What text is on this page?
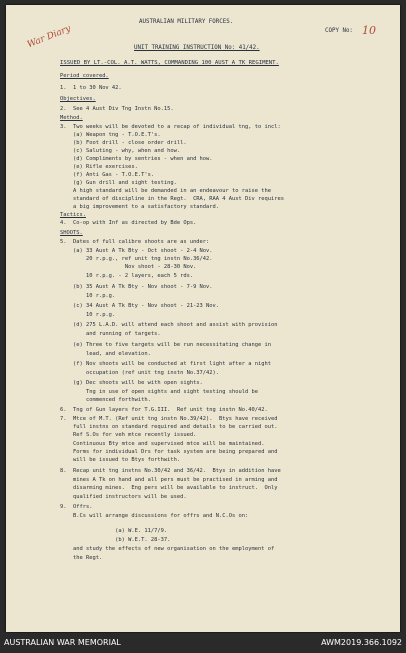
AUSTRALIAN MILITARY FORCES.
COPY No: 10
War Diary	UNIT TRAINING INSTRUCTION No: 41/42.
ISSUED BY LT.-COL. A.T. WATTS, COMMANDING 100 AUST A TK REGIMENT.
Period covered.
1.  1 to 30 Nov 42.
Objectives.
2.  See 4 Aust Div Tng Instn No.15.
Method.
3.  Two weeks will be devoted to a recap of individual tng, to incl:
(a) Weapon tng - T.O.E.T's.
(b) Foot drill - close order drill.
(c) Saluting - why, when and how.
(d) Compliments by sentries - when and how.
(e) Rifle exercises.
(f) Anti Gas - T.O.E.T's.
(g) Gun drill and sight testing.
A high standard will be demanded in an endeavour to raise the
standard of discipline in the Regt.  CRA, RAA 4 Aust Div requires
a big improvement to a satisfactory standard.
Tactics.
4.  Co-op with Inf as directed by Bde Ops.
SHOOTS.
5.  Dates of full calibre shoots are as under:
(a) 33 Aust A Tk Bty - Oct shoot - 2-4 Nov.
20 r.p.g., ref unit tng instn No.36/42.
Nov shoot - 28-30 Nov.
10 r.p.g. - 2 layers, each 5 rds.
(b) 35 Aust A Tk Bty - Nov shoot - 7-9 Nov.
10 r.p.g.
(c) 34 Aust A Tk Bty - Nov shoot - 21-23 Nov.
10 r.p.g.
(d) 275 L.A.D. will attend each shoot and assist with provision
and running of targets.
(e) Three to five targets will be run necessitating change in
lead, and elevation.
(f) Nov shoots will be conducted at first light after a night
occupation (ref unit tng instn No.37/42).
(g) Dec shoots will be with open sights.
Tng in use of open sights and sight testing should be
commenced forthwith.
6.  Tng of Gun layers for T.G.III.  Ref unit tng instn No.40/42.
7.  Mtce of M.T. (Ref unit tng instn No.39/42).  Btys have received
full instns on standard required and details to be carried out.
Ref S.Os for veh mtce recently issued.
Continuous Bty mtce and supervised mtce will be maintained.
Forms for individual Drs for task system are being prepared and
will be issued to Btys forthwith.
8.  Recap unit tng instns No.30/42 and 36/42.  Btys in addition have
mines A Tk on hand and all pers must be practised in arming and
disarming mines.  Eng pers will be available to instruct.  Only
qualified instructors will be used.
9.  Offrs.
B.Cs will arrange discussions for offrs and N.C.Os on:
(a) W.E. 11/7/9.
(b) W.E.T. 28-37.
and study the effects of new organisation on the employment of
the Regt.
AUSTRALIAN WAR MEMORIAL	AWM2019.366.1092
